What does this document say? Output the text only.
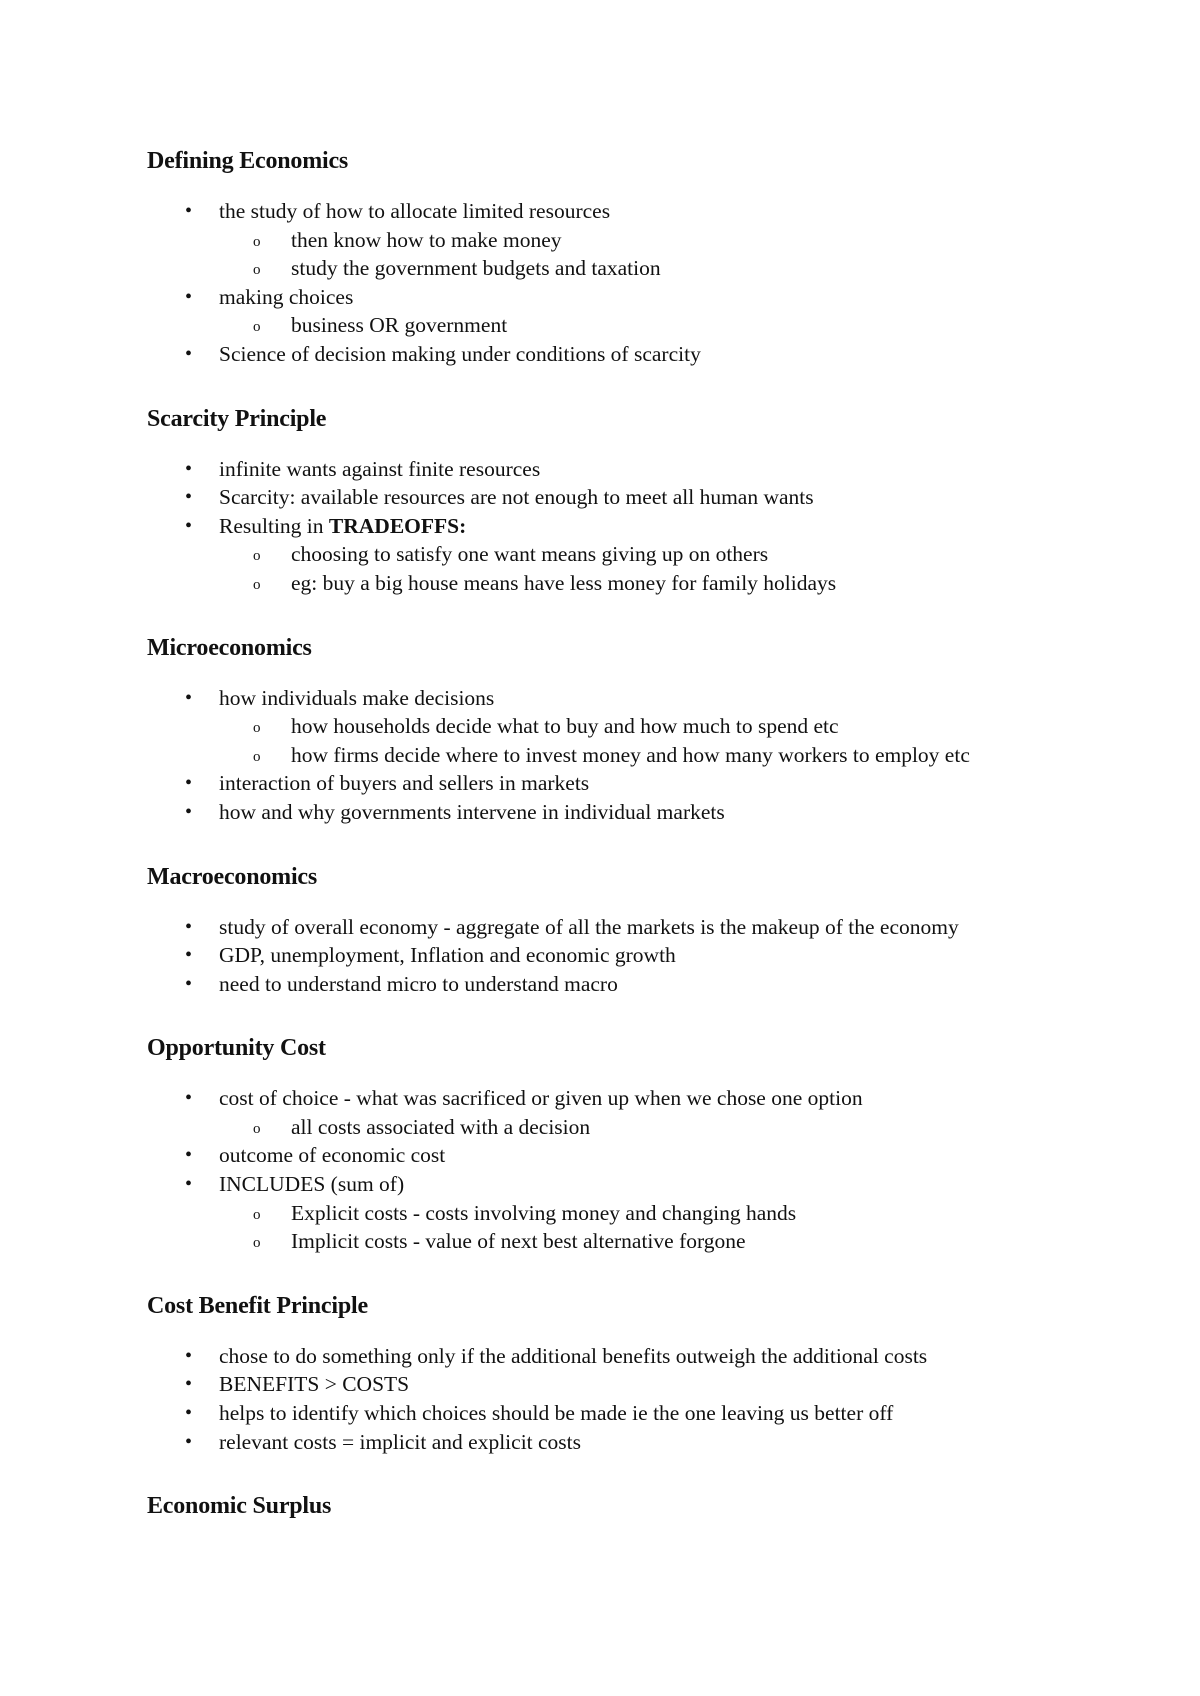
Defining Economics
• the study of how to allocate limited resources
o then know how to make money
o study the government budgets and taxation
• making choices
o business OR government
• Science of decision making under conditions of scarcity
Scarcity Principle
• infinite wants against finite resources
• Scarcity: available resources are not enough to meet all human wants
• Resulting in TRADEOFFS:
o choosing to satisfy one want means giving up on others
o eg: buy a big house means have less money for family holidays
Microeconomics
• how individuals make decisions
o how households decide what to buy and how much to spend etc
o how firms decide where to invest money and how many workers to employ etc
• interaction of buyers and sellers in markets
• how and why governments intervene in individual markets
Macroeconomics
• study of overall economy - aggregate of all the markets is the makeup of the economy
• GDP, unemployment, Inflation and economic growth
• need to understand micro to understand macro
Opportunity Cost
• cost of choice - what was sacrificed or given up when we chose one option
o all costs associated with a decision
• outcome of economic cost
• INCLUDES (sum of)
o Explicit costs - costs involving money and changing hands
o Implicit costs - value of next best alternative forgone
Cost Benefit Principle
• chose to do something only if the additional benefits outweigh the additional costs
• BENEFITS > COSTS
• helps to identify which choices should be made ie the one leaving us better off
• relevant costs = implicit and explicit costs
Economic Surplus
